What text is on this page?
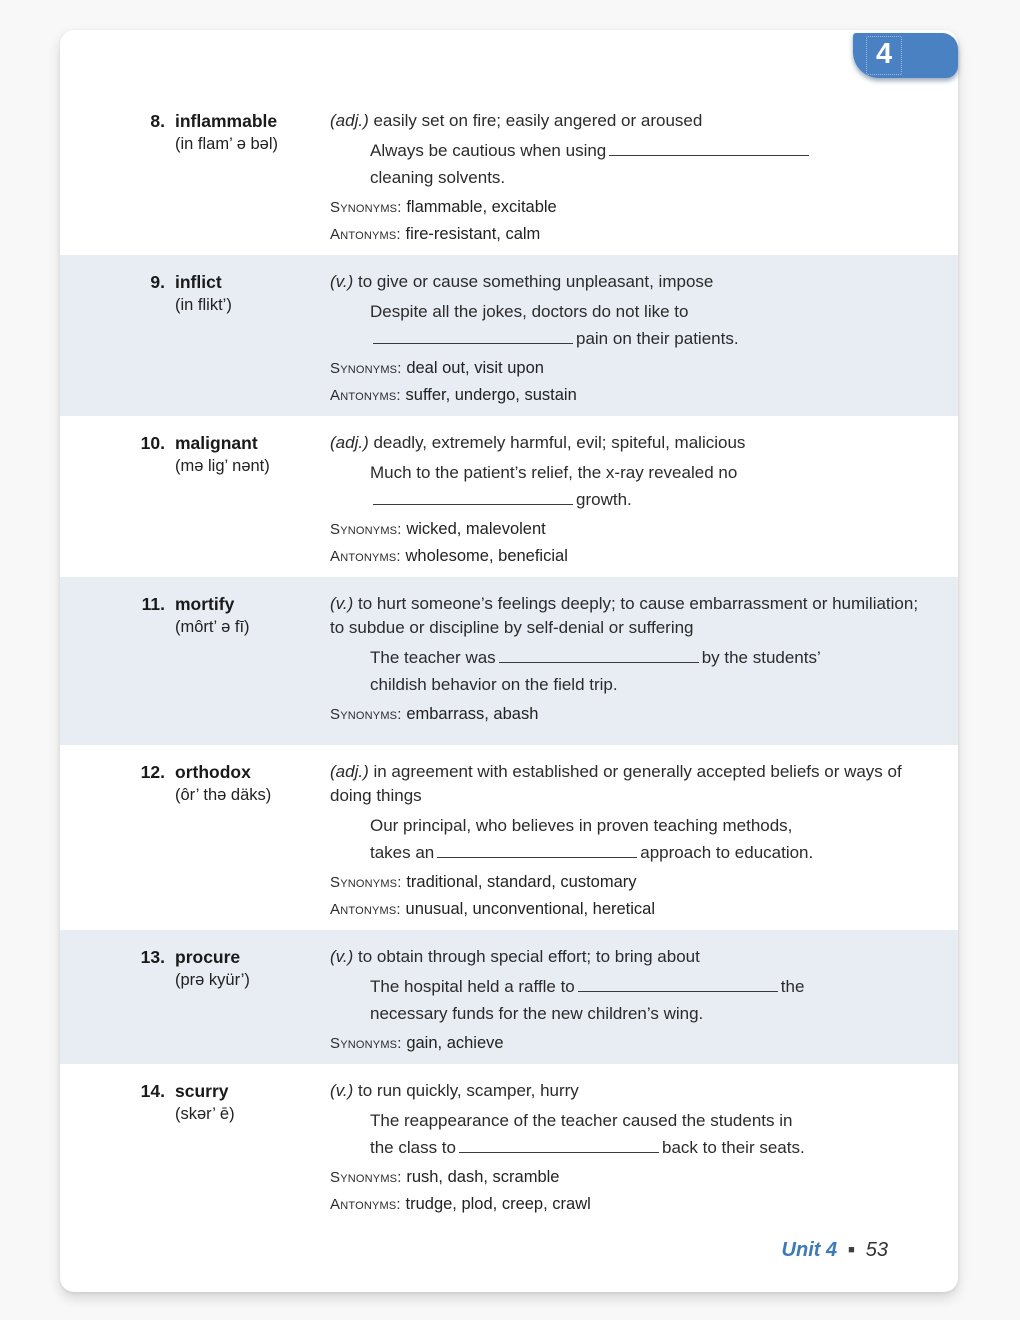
4
8. inflammable
(in flam’ ə bəl)
(adj.) easily set on fire; easily angered or aroused
Always be cautious when using
cleaning solvents.
Synonyms: flammable, excitable
Antonyms: fire-resistant, calm
9. inflict
(in flikt’)
(v.) to give or cause something unpleasant, impose
Despite all the jokes, doctors do not like to
pain on their patients.
Synonyms: deal out, visit upon
Antonyms: suffer, undergo, sustain
10. malignant
(mə lig’ nənt)
(adj.) deadly, extremely harmful, evil; spiteful, malicious
Much to the patient’s relief, the x-ray revealed no
growth.
Synonyms: wicked, malevolent
Antonyms: wholesome, beneficial
11. mortify
(môrt’ ə fī)
(v.) to hurt someone’s feelings deeply; to cause embarrassment or humiliation; to subdue or discipline by self-denial or suffering
The teacher was	by the students’
childish behavior on the field trip.
Synonyms: embarrass, abash
12. orthodox
(ôr’ thə däks)
(adj.) in agreement with established or generally accepted beliefs or ways of doing things
Our principal, who believes in proven teaching methods,
takes an	approach to education.
Synonyms: traditional, standard, customary
Antonyms: unusual, unconventional, heretical
13. procure
(prə kyür’)
(v.) to obtain through special effort; to bring about
The hospital held a raffle to	the
necessary funds for the new children’s wing.
Synonyms: gain, achieve
14. scurry
(skər’ ē)
(v.) to run quickly, scamper, hurry
The reappearance of the teacher caused the students in
the class to	back to their seats.
Synonyms: rush, dash, scramble
Antonyms: trudge, plod, creep, crawl
Unit 4 ■ 53
